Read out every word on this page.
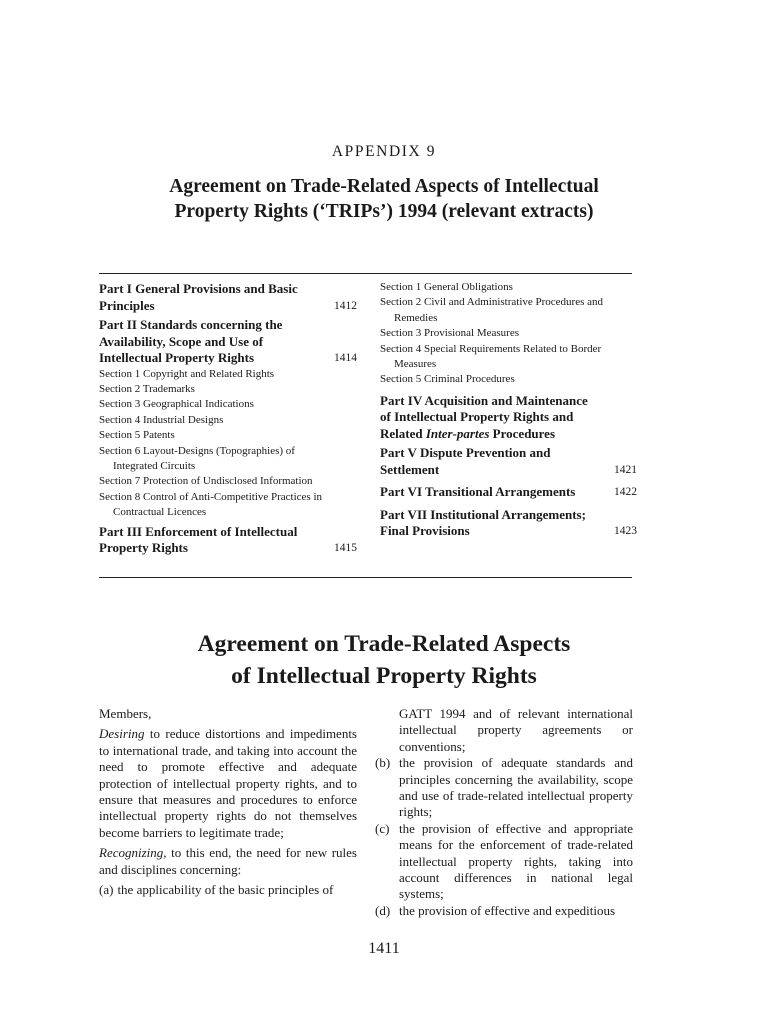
APPENDIX 9
Agreement on Trade-Related Aspects of Intellectual
Property Rights (‘TRIPs’) 1994 (relevant extracts)
Part I General Provisions and Basic Principles	1412
Part II Standards concerning the Availability, Scope and Use of Intellectual Property Rights	1414
Section 1 Copyright and Related Rights
Section 2 Trademarks
Section 3 Geographical Indications
Section 4 Industrial Designs
Section 5 Patents
Section 6 Layout-Designs (Topographies) of Integrated Circuits
Section 7 Protection of Undisclosed Information
Section 8 Control of Anti-Competitive Practices in Contractual Licences
Part III Enforcement of Intellectual Property Rights	1415
Section 1 General Obligations
Section 2 Civil and Administrative Procedures and Remedies
Section 3 Provisional Measures
Section 4 Special Requirements Related to Border Measures
Section 5 Criminal Procedures
Part IV Acquisition and Maintenance of Intellectual Property Rights and Related Inter-partes Procedures
Part V Dispute Prevention and Settlement	1421
Part VI Transitional Arrangements	1422
Part VII Institutional Arrangements; Final Provisions	1423
Agreement on Trade-Related Aspects
of Intellectual Property Rights

Members,

Desiring to reduce distortions and impediments to international trade, and taking into account the need to promote effective and adequate protection of intellectual property rights, and to ensure that measures and procedures to enforce intellectual property rights do not themselves become barriers to legitimate trade;

Recognizing, to this end, the need for new rules and disciplines concerning:

(a) the applicability of the basic principles of
GATT 1994 and of relevant international intellectual property agreements or conventions;
(b) the provision of adequate standards and principles concerning the availability, scope and use of trade-related intellectual property rights;
(c) the provision of effective and appropriate means for the enforcement of trade-related intellectual property rights, taking into account differences in national legal systems;
(d) the provision of effective and expeditious
1411
